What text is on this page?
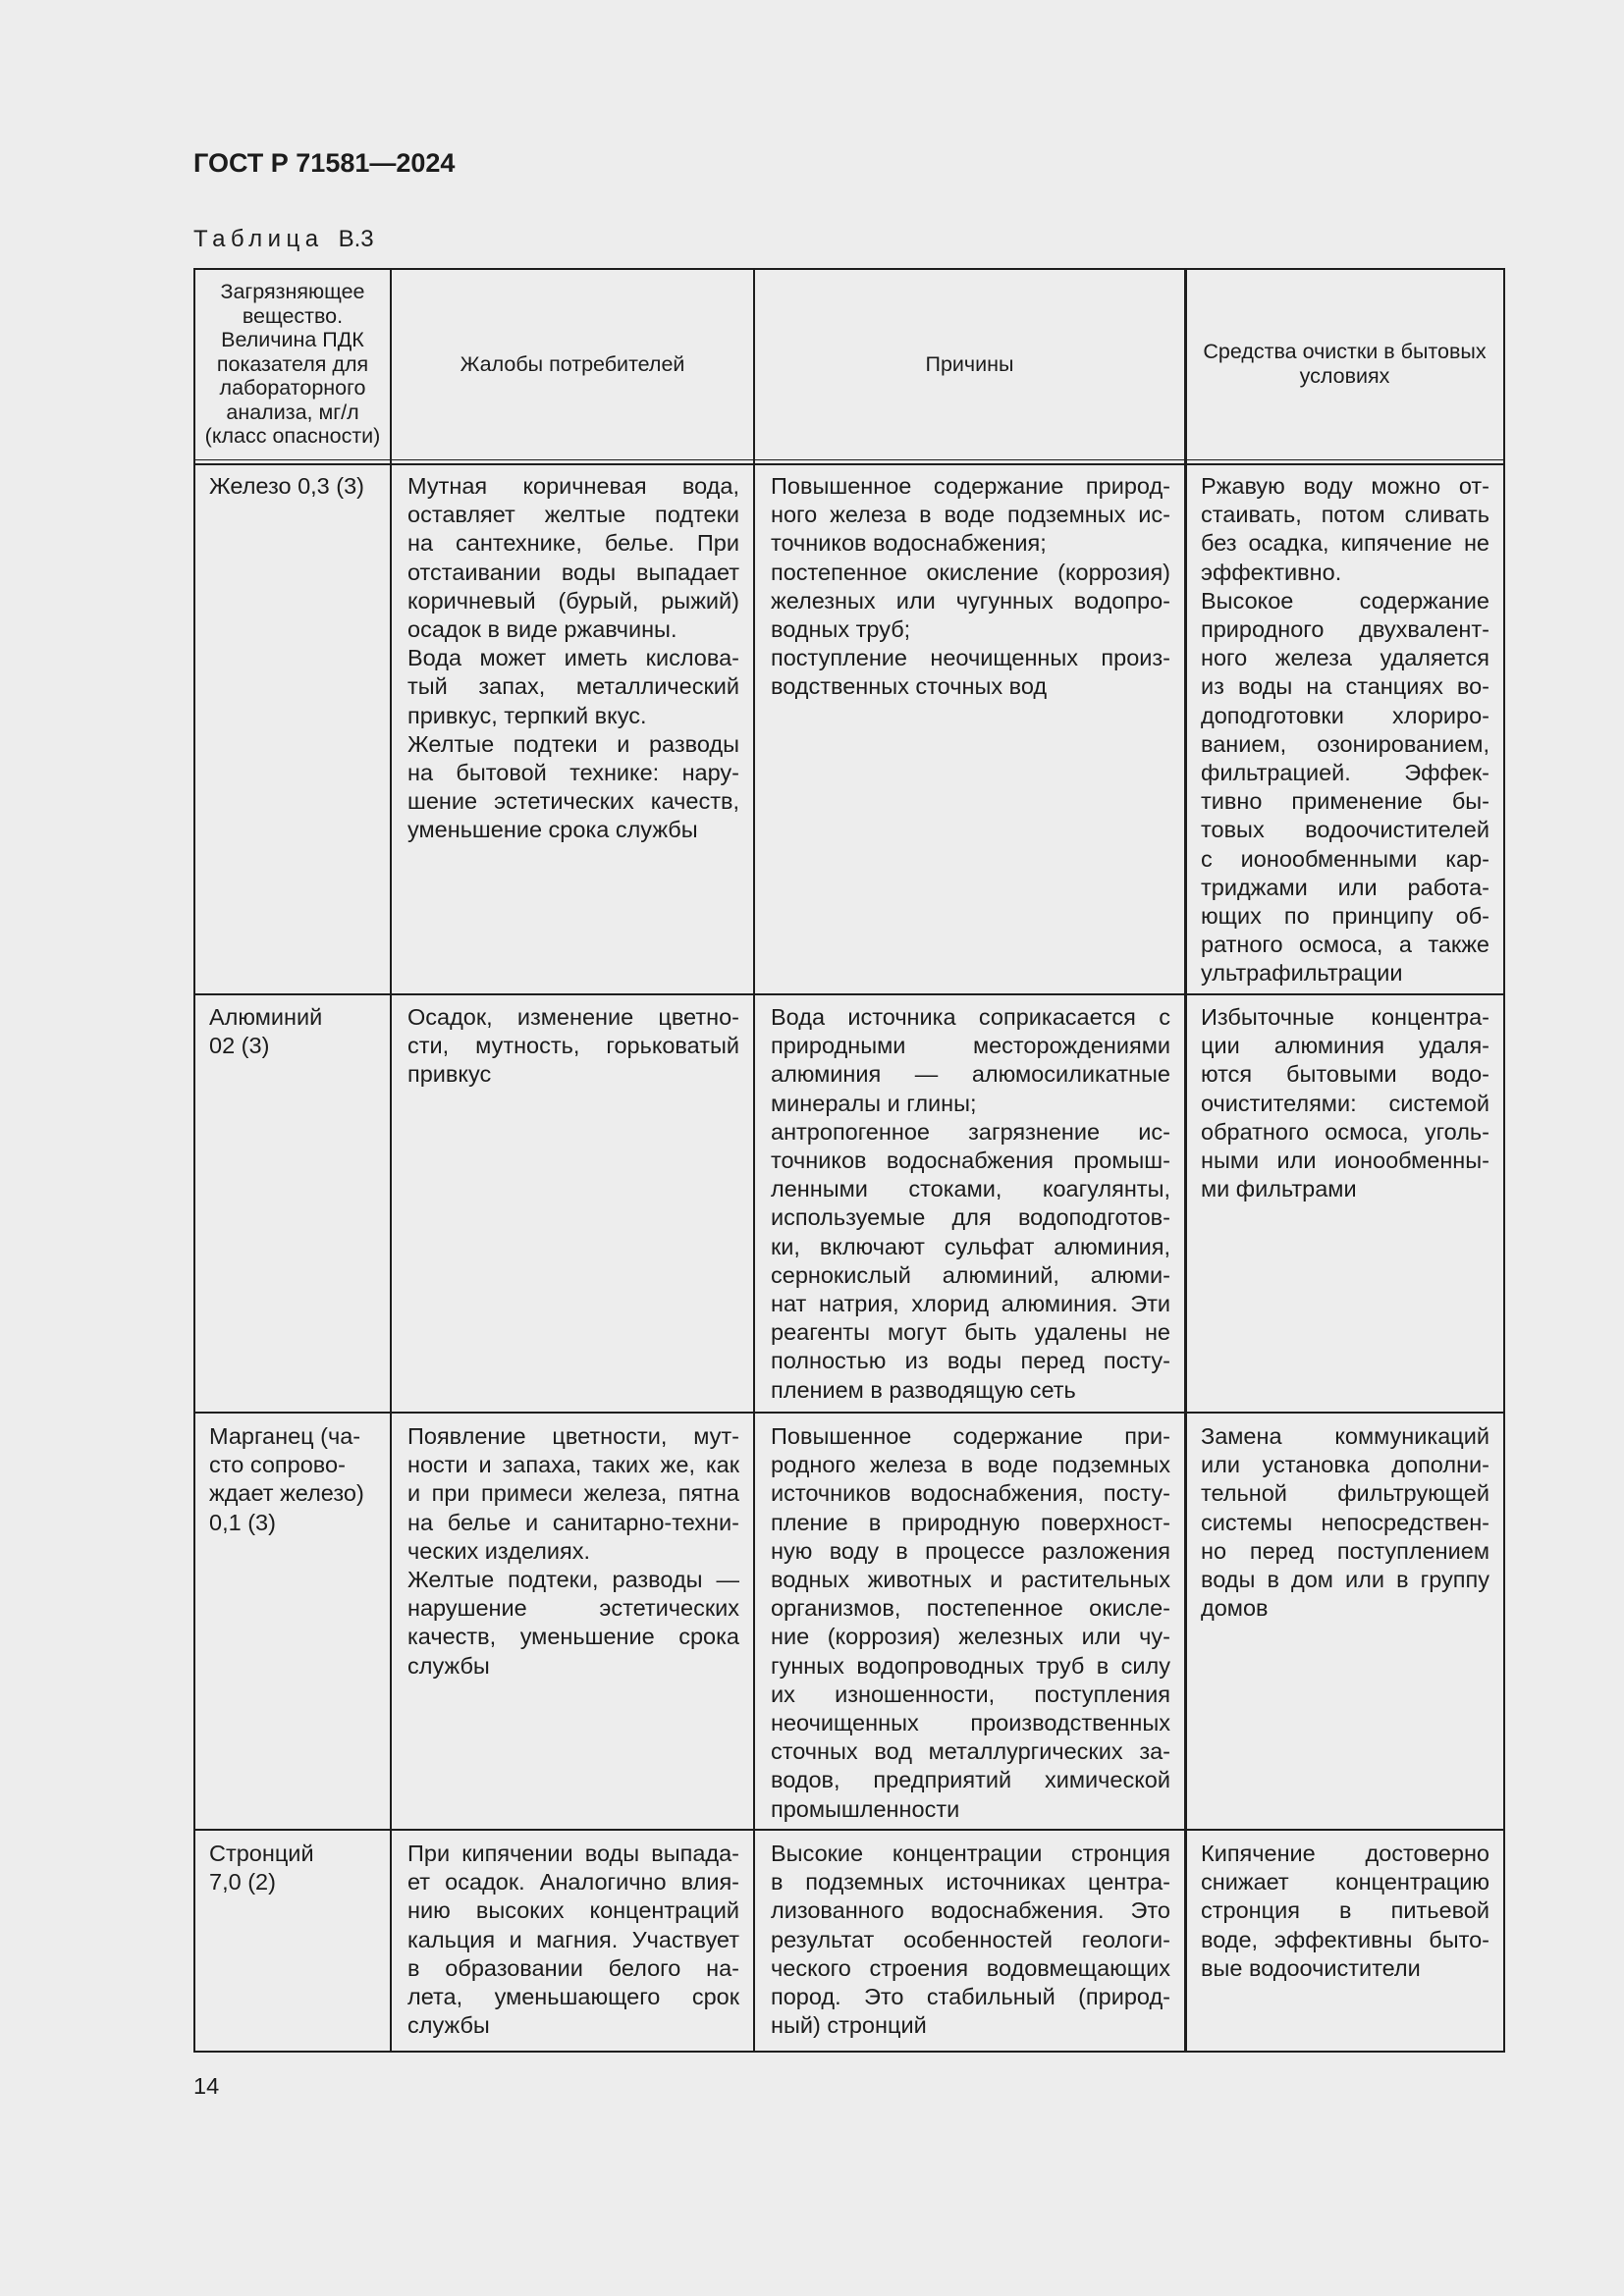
ГОСТ Р 71581—2024
Таблица В.3
Загрязняющее
вещество.
Величина ПДК
показателя для
лабораторного
анализа, мг/л
(класс опасности)
Жалобы потребителей	Причины
Средства очистки в бытовых
условиях
Железо 0,3 (3)	Мутная коричневая вода,
оставляет желтые подтеки
на сантехнике, белье. При
отстаивании воды выпадает
коричневый (бурый, рыжий)
осадок в виде ржавчины.
Вода может иметь кислова-
тый запах, металлический
привкус, терпкий вкус.
Желтые подтеки и разводы
на бытовой технике: нару-
шение эстетических качеств,
уменьшение срока службы
Повышенное содержание природ-
ного железа в воде подземных ис-
точников водоснабжения;
постепенное окисление (коррозия)
железных или чугунных водопро-
водных труб;
поступление неочищенных произ-
водственных сточных вод
Ржавую воду можно от-
стаивать, потом сливать
без осадка, кипячение не
эффективно.
Высокое содержание
природного двухвалент-
ного железа удаляется
из воды на станциях во-
доподготовки хлориро-
ванием, озонированием,
фильтрацией. Эффек-
тивно применение бы-
товых водоочистителей
с ионообменными кар-
триджами или работа-
ющих по принципу об-
ратного осмоса, а также
ультрафильтрации
Алюминий
02 (3)
Осадок, изменение цветно-
сти, мутность, горьковатый
привкус
Вода источника соприкасается с
природными месторождениями
алюминия — алюмосиликатные
минералы и глины;
антропогенное загрязнение ис-
точников водоснабжения промыш-
ленными стоками, коагулянты,
используемые для водоподготов-
ки, включают сульфат алюминия,
сернокислый алюминий, алюми-
нат натрия, хлорид алюминия. Эти
реагенты могут быть удалены не
полностью из воды перед посту-
плением в разводящую сеть
Избыточные концентра-
ции алюминия удаля-
ются бытовыми водо-
очистителями: системой
обратного осмоса, уголь-
ными или ионообменны-
ми фильтрами
Марганец (ча-
сто сопрово-
ждает железо)
0,1 (3)
Появление цветности, мут-
ности и запаха, таких же, как
и при примеси железа, пятна
на белье и санитарно-техни-
ческих изделиях.
Желтые подтеки, разводы —
нарушение эстетических
качеств, уменьшение срока
службы
Повышенное содержание при-
родного железа в воде подземных
источников водоснабжения, посту-
пление в природную поверхност-
ную воду в процессе разложения
водных животных и растительных
организмов, постепенное окисле-
ние (коррозия) железных или чу-
гунных водопроводных труб в силу
их изношенности, поступления
неочищенных производственных
сточных вод металлургических за-
водов, предприятий химической
промышленности
Замена коммуникаций
или установка дополни-
тельной фильтрующей
системы непосредствен-
но перед поступлением
воды в дом или в группу
домов
Стронций
7,0 (2)
При кипячении воды выпада-
ет осадок. Аналогично влия-
нию высоких концентраций
кальция и магния. Участвует
в образовании белого на-
лета, уменьшающего срок
службы
Высокие концентрации стронция
в подземных источниках центра-
лизованного водоснабжения. Это
результат особенностей геологи-
ческого строения водовмещающих
пород. Это стабильный (природ-
ный) стронций
Кипячение достоверно
снижает концентрацию
стронция в питьевой
воде, эффективны быто-
вые водоочистители
14
